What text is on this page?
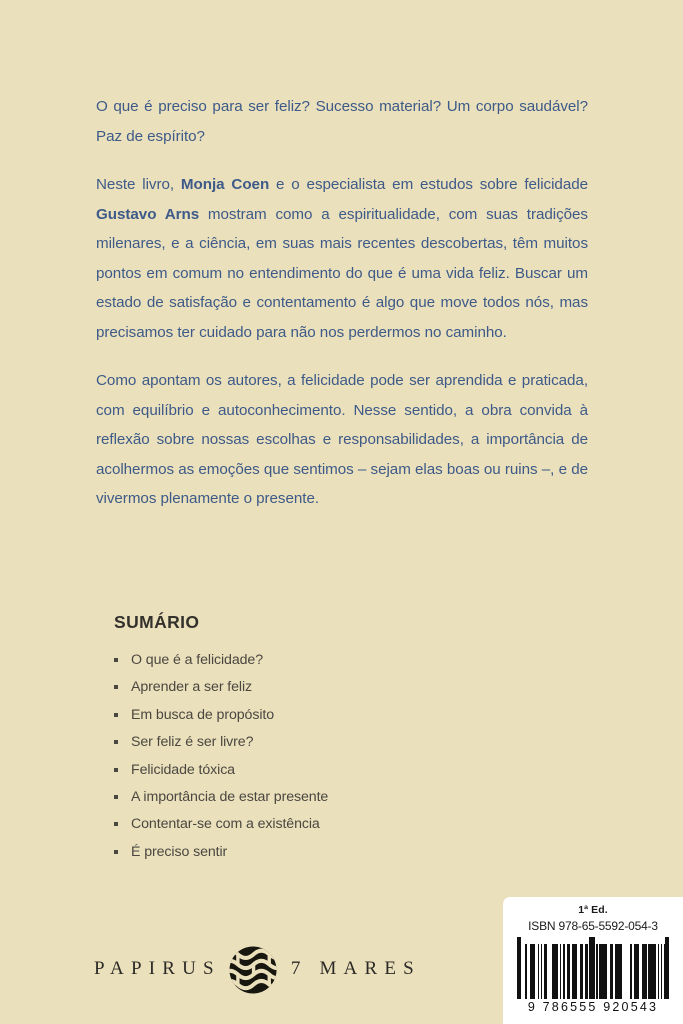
O que é preciso para ser feliz? Sucesso material? Um corpo saudável? Paz de espírito?

Neste livro, Monja Coen e o especialista em estudos sobre felicidade Gustavo Arns mostram como a espiritualidade, com suas tradições milenares, e a ciência, em suas mais recentes descobertas, têm muitos pontos em comum no entendimento do que é uma vida feliz. Buscar um estado de satisfação e contentamento é algo que move todos nós, mas precisamos ter cuidado para não nos perdermos no caminho.

Como apontam os autores, a felicidade pode ser aprendida e praticada, com equilíbrio e autoconhecimento. Nesse sentido, a obra convida à reflexão sobre nossas escolhas e responsabilidades, a importância de acolhermos as emoções que sentimos – sejam elas boas ou ruins –, e de vivermos plenamente o presente.

SUMÁRIO
O que é a felicidade?
Aprender a ser feliz
Em busca de propósito
Ser feliz é ser livre?
Felicidade tóxica
A importância de estar presente
Contentar-se com a existência
É preciso sentir
PAPIRUS	7 MARES
1ª Ed.
ISBN 978-65-5592-054-3
9 786555 920543
